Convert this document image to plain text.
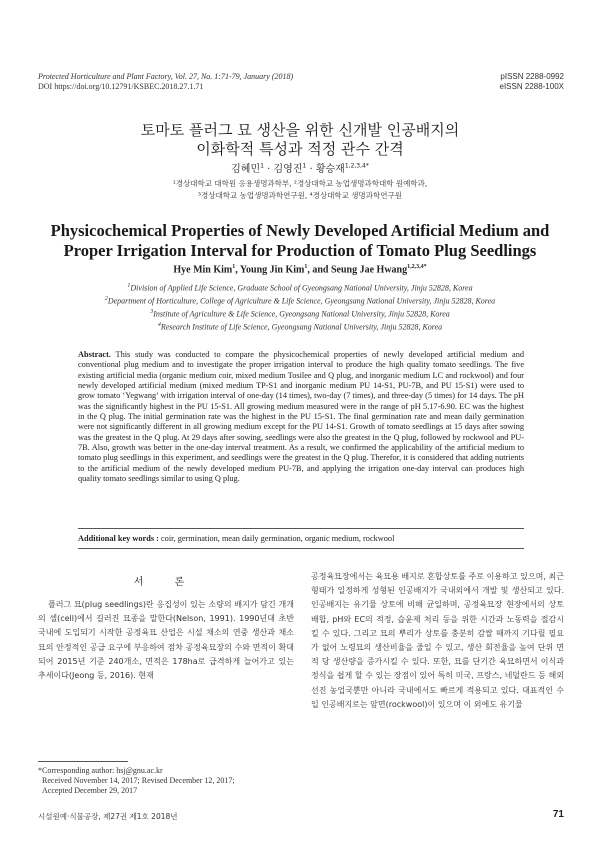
Protected Horticulture and Plant Factory, Vol. 27, No. 1:71-79, January (2018)
DOI https://doi.org/10.12791/KSBEC.2018.27.1.71
pISSN 2288-0992
eISSN 2288-100X
토마토 플러그 묘 생산을 위한 신개발 인공배지의
이화학적 특성과 적정 관수 간격
김혜민$^1$ · 김영진$^1$ · 황승재$^{1,2,3,4*}$
¹경상대학교 대학원 응용생명과학부, ²경상대학교 농업생명과학대학 원예학과,
³경상대학교 농업생명과학연구원, ⁴경상대학교 생명과학연구원
Physicochemical Properties of Newly Developed Artificial Medium and
Proper Irrigation Interval for Production of Tomato Plug Seedlings
Hye Min Kim$^1$, Young Jin Kim$^1$, and Seung Jae Hwang$^{1,2,3,4*}$
$^1$Division of Applied Life Science, Graduate School of Gyeongsang National University, Jinju 52828, Korea
$^2$Department of Horticulture, College of Agriculture & Life Science, Gyeongsang National University, Jinju 52828, Korea
$^3$Institute of Agriculture & Life Science, Gyeongsang National University, Jinju 52828, Korea
$^4$Research Institute of Life Science, Gyeongsang National University, Jinju 52828, Korea
Abstract. This study was conducted to compare the physicochemical properties of newly developed artificial medium and conventional plug medium and to investigate the proper irrigation interval to produce the high quality tomato seedlings. The five existing artificial media (organic medium coir, mixed medium Tosilee and Q plug, and inorganic medium LC and rockwool) and four newly developed artificial medium (mixed medium TP-S1 and inorganic medium PU 14-S1, PU-7B, and PU 15-S1) were used to grow tomato ‘Yegwang’ with irrigation interval of one-day (14 times), two-day (7 times), and three-day (5 times) for 14 days. The pH was the significantly highest in the PU 15-S1. All growing medium measured were in the range of pH 5.17-6.90. EC was the highest in the Q plug. The initial germination rate was the highest in the PU 15-S1. The final germination rate and mean daily germination were not significantly different in all growing medium except for the PU 14-S1. Growth of tomato seedlings at 15 days after sowing was the greatest in the Q plug. At 29 days after sowing, seedlings were also the greatest in the Q plug, followed by rockwool and PU-7B. Also, growth was better in the one-day interval treatment. As a result, we confirmed the applicability of the artificial medium to tomato plug seedlings in this experiment, and seedlings were the greatest in the Q plug. Therefor, it is considered that adding nutrients to the artificial medium of the newly developed medium PU-7B, and applying the irrigation one-day interval can produces high quality tomato seedlings similar to using Q plug.
Additional key words : coir, germination, mean daily germination, organic medium, rockwool
서 론
플러그 묘(plug seedlings)란 응집성이 있는 소량의 배지가 담긴 개개의 셀(cell)에서 길러진 묘종을 말한다(Nelson, 1991). 1990년대 초반 국내에 도입되기 시작한 공정육묘 산업은 시설 채소의 연중 생산과 채소 묘의 안정적인 공급 요구에 부응하여 점차 공정육묘장의 수와 면적이 확대되어 2015년 기준 240개소, 면적은 178ha로 급격하게 늘어가고 있는 추세이다(Jeong 등, 2016). 현재
공정육묘장에서는 육묘용 배지로 혼합상토를 주로 이용하고 있으며, 최근 형태가 일정하게 성형된 인공배지가 국내외에서 개발 및 생산되고 있다. 인공배지는 유기물 상토에 비해 균일하며, 공정육묘장 현장에서의 상토 배합, pH와 EC의 적정, 습윤제 처리 등을 위한 시간과 노동력을 절감시킬 수 있다. 그리고 묘의 뿌리가 상토를 충분히 감쌀 때까지 기다릴 필요가 없어 노령묘의 생산비율을 줄일 수 있고, 생산 회전율을 높여 단위 면적 당 생산량을 증가시킬 수 있다. 또한, 묘를 단기간 육묘하면서 이식과 정식을 쉽게 할 수 있는 장점이 있어 특히 미국, 프랑스, 네덜란드 등 해외 선진 농업국뿐만 아니라 국내에서도 빠르게 적용되고 있다. 대표적인 수입 인공배지로는 암면(rockwool)이 있으며 이 외에도 유기물
*Corresponding author: hsj@gnu.ac.kr
Received November 14, 2017; Revised December 12, 2017;
Accepted December 29, 2017
시설원예·식물공장, 제27권 제1호 2018년	71
